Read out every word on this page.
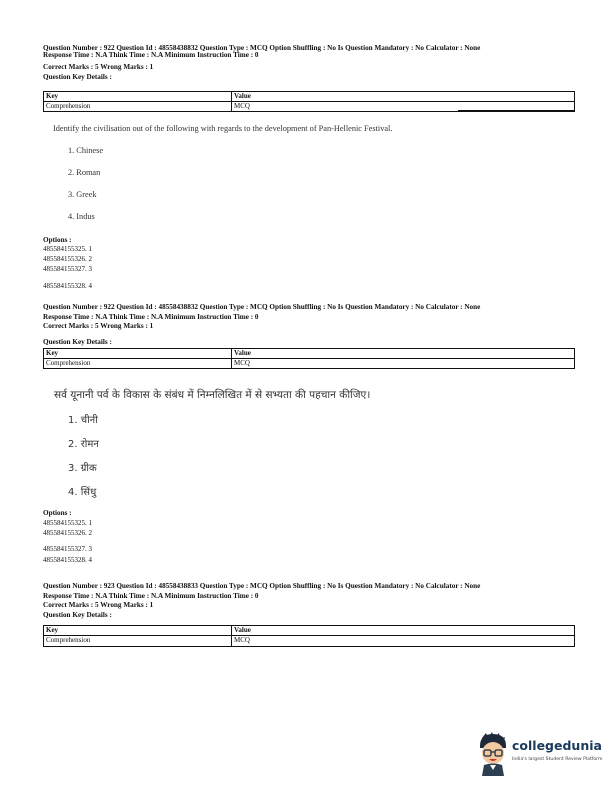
Question Number : 922 Question Id : 48558438832 Question Type : MCQ Option Shuffling : No Is Question Mandatory : No Calculator : None
Response Time : N.A Think Time : N.A Minimum Instruction Time : 0
Correct Marks : 5 Wrong Marks : 1
Question Key Details :
Key	Value
Comprehension	MCQ
Identify the civilisation out of the following with regards to the development of Pan-Hellenic Festival.
1. Chinese
2. Roman
3. Greek
4. Indus
Options :
485584155325. 1
485584155326. 2
485584155327. 3
485584155328. 4
Question Number : 922 Question Id : 48558438832 Question Type : MCQ Option Shuffling : No Is Question Mandatory : No Calculator : None
Response Time : N.A Think Time : N.A Minimum Instruction Time : 0
Correct Marks : 5 Wrong Marks : 1
Question Key Details :
Key	Value
Comprehension	MCQ
सर्व यूनानी पर्व के विकास के संबंध में निम्नलिखित में से सभ्यता की पहचान कीजिए।
1. चीनी
2. रोमन
3. ग्रीक
4. सिंधु
Options :
485584155325. 1
485584155326. 2
485584155327. 3
485584155328. 4
Question Number : 923 Question Id : 48558438833 Question Type : MCQ Option Shuffling : No Is Question Mandatory : No Calculator : None
Response Time : N.A Think Time : N.A Minimum Instruction Time : 0
Correct Marks : 5 Wrong Marks : 1
Question Key Details :
Key	Value
Comprehension	MCQ
collegedunia
India's largest Student Review Platform
